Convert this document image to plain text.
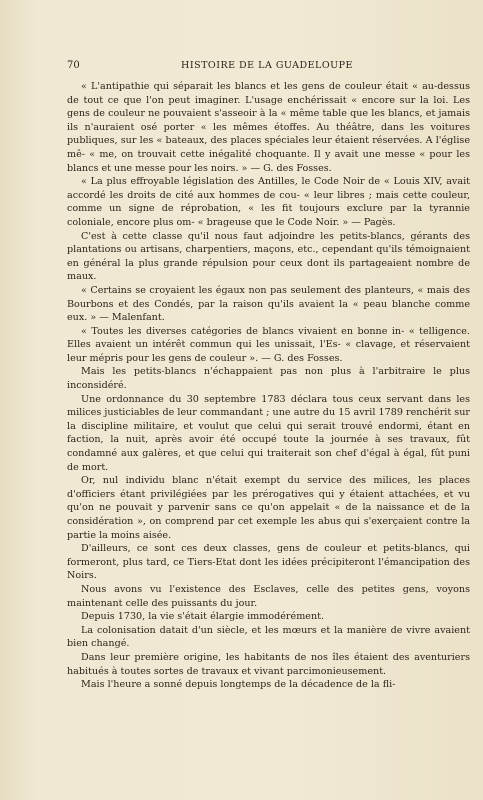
70	HISTOIRE DE LA GUADELOUPE

« L'antipathie qui séparait les blancs et les gens de couleur était « au-dessus de tout ce que l'on peut imaginer. L'usage enchérissait « encore sur la loi. Les gens de couleur ne pouvaient s'asseoir à la « même table que les blancs, et jamais ils n'auraient osé porter « les mêmes étoffes. Au théâtre, dans les voitures publiques, sur les « bateaux, des places spéciales leur étaient réservées. A l'église mê- « me, on trouvait cette inégalité choquante. Il y avait une messe « pour les blancs et une messe pour les noirs. » — G. des Fosses.

« La plus effroyable législation des Antilles, le Code Noir de « Louis XIV, avait accordé les droits de cité aux hommes de cou- « leur libres ; mais cette couleur, comme un signe de réprobation, « les fit toujours exclure par la tyrannie coloniale, encore plus om- « brageuse que le Code Noir. » — Pagès.

C'est à cette classe qu'il nous faut adjoindre les petits-blancs, gérants des plantations ou artisans, charpentiers, maçons, etc., cependant qu'ils témoignaient en général la plus grande répulsion pour ceux dont ils partageaient nombre de maux.

« Certains se croyaient les égaux non pas seulement des planteurs, « mais des Bourbons et des Condés, par la raison qu'ils avaient la « peau blanche comme eux. » — Malenfant.

« Toutes les diverses catégories de blancs vivaient en bonne in- « telligence. Elles avaient un intérêt commun qui les unissait, l'Es- « clavage, et réservaient leur mépris pour les gens de couleur ». — G. des Fosses.

Mais les petits-blancs n'échappaient pas non plus à l'arbitraire le plus inconsidéré.

Une ordonnance du 30 septembre 1783 déclara tous ceux servant dans les milices justiciables de leur commandant ; une autre du 15 avril 1789 renchérit sur la discipline militaire, et voulut que celui qui serait trouvé endormi, étant en faction, la nuit, après avoir été occupé toute la journée à ses travaux, fût condamné aux galères, et que celui qui traiterait son chef d'égal à égal, fût puni de mort.

Or, nul individu blanc n'était exempt du service des milices, les places d'officiers étant privilégiées par les prérogatives qui y étaient attachées, et vu qu'on ne pouvait y parvenir sans ce qu'on appelait « de la naissance et de la considération », on comprend par cet exemple les abus qui s'exerçaient contre la partie la moins aisée.

D'ailleurs, ce sont ces deux classes, gens de couleur et petits-blancs, qui formeront, plus tard, ce Tiers-Etat dont les idées précipiteront l'émancipation des Noirs.

Nous avons vu l'existence des Esclaves, celle des petites gens, voyons maintenant celle des puissants du jour.

Depuis 1730, la vie s'était élargie immodérément.

La colonisation datait d'un siècle, et les mœurs et la manière de vivre avaient bien changé.

Dans leur première origine, les habitants de nos îles étaient des aventuriers habitués à toutes sortes de travaux et vivant parcimonieusement.

Mais l'heure a sonné depuis longtemps de la décadence de la fli-
